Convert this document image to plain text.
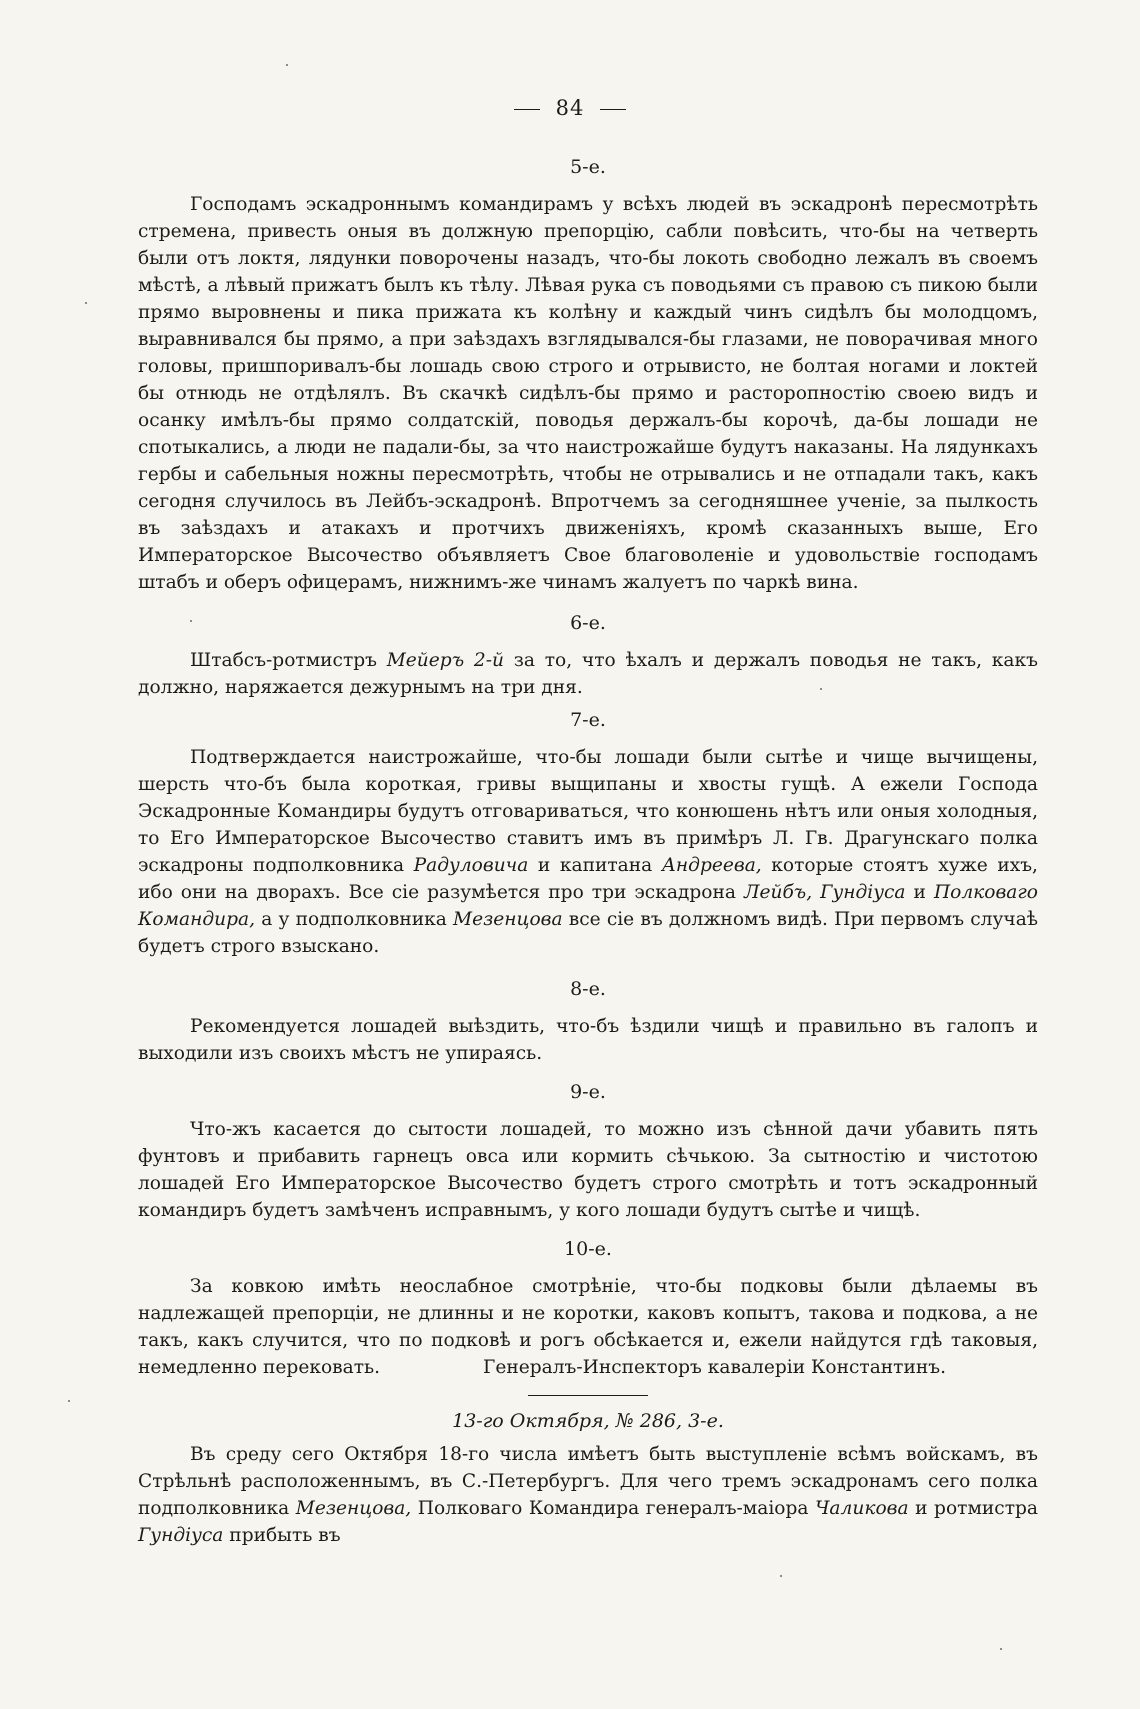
84
5-е.

Господамъ эскадроннымъ командирамъ у всѣхъ людей въ эскадронѣ пересмотрѣть стремена, привесть оныя въ должную препорцію, сабли повѣсить, что-бы на четверть были отъ локтя, лядунки поворочены назадъ, что-бы локоть свободно лежалъ въ своемъ мѣстѣ, а лѣвый прижатъ былъ къ тѣлу. Лѣвая рука съ поводьями съ правою съ пикою были прямо выровнены и пика прижата къ колѣну и каждый чинъ сидѣлъ бы молодцомъ, выравнивался бы прямо, а при заѣздахъ взглядывался-бы глазами, не поворачивая много головы, пришпоривалъ-бы лошадь свою строго и отрывисто, не болтая ногами и локтей бы отнюдь не отдѣлялъ. Въ скачкѣ сидѣлъ-бы прямо и расторопностію своею видъ и осанку имѣлъ-бы прямо солдатскій, поводья держалъ-бы корочѣ, да-бы лошади не спотыкались, а люди не падали-бы, за что наистрожайше будутъ наказаны. На лядункахъ гербы и сабельныя ножны пересмотрѣть, чтобы не отрывались и не отпадали такъ, какъ сегодня случилось въ Лейбъ-эскадронѣ. Впротчемъ за сегодняшнее ученіе, за пылкость въ заѣздахъ и атакахъ и протчихъ движеніяхъ, кромѣ сказанныхъ выше, Его Императорское Высочество объявляетъ Свое благоволеніе и удовольствіе господамъ штабъ и оберъ офицерамъ, нижнимъ-же чинамъ жалуетъ по чаркѣ вина.

6-е.

Штабсъ-ротмистръ Мейеръ 2-й за то, что ѣхалъ и держалъ поводья не такъ, какъ должно, наряжается дежурнымъ на три дня.

7-е.

Подтверждается наистрожайше, что-бы лошади были сытѣе и чище вычищены, шерсть что-бъ была короткая, гривы выщипаны и хвосты гущѣ. А ежели Господа Эскадронные Командиры будутъ отговариваться, что конюшень нѣтъ или оныя холодныя, то Его Императорское Высочество ставитъ имъ въ примѣръ Л. Гв. Драгунскаго полка эскадроны подполковника Радуловича и капитана Андреева, которые стоятъ хуже ихъ, ибо они на дворахъ. Все сіе разумѣется про три эскадрона Лейбъ, Гундіуса и Полковаго Командира, а у подполковника Мезенцова все сіе въ должномъ видѣ. При первомъ случаѣ будетъ строго взыскано.

8-е.

Рекомендуется лошадей выѣздить, что-бъ ѣздили чищѣ и правильно въ галопъ и выходили изъ своихъ мѣстъ не упираясь.

9-е.

Что-жъ касается до сытости лошадей, то можно изъ сѣнной дачи убавить пять фунтовъ и прибавить гарнецъ овса или кормить сѣчькою. За сытностію и чистотою лошадей Его Императорское Высочество будетъ строго смотрѣть и тотъ эскадронный командиръ будетъ замѣченъ исправнымъ, у кого лошади будутъ сытѣе и чищѣ.

10-е.

За ковкою имѣть неослабное смотрѣніе, что-бы подковы были дѣлаемы въ надлежащей препорціи, не длинны и не коротки, каковъ копытъ, такова и подкова, а не такъ, какъ случится, что по подковѣ и рогъ обсѣкается и, ежели найдутся гдѣ таковыя, немедленно перековать.	Генералъ-Инспекторъ кавалеріи Константинъ.
13-го Октября, № 286, 3-е.

Въ среду сего Октября 18-го числа имѣетъ быть выступленіе всѣмъ войскамъ, въ Стрѣльнѣ расположеннымъ, въ С.-Петербургъ. Для чего тремъ эскадронамъ сего полка подполковника Мезенцова, Полковаго Командира генералъ-маіора Чаликова и ротмистра Гундіуса прибыть въ
